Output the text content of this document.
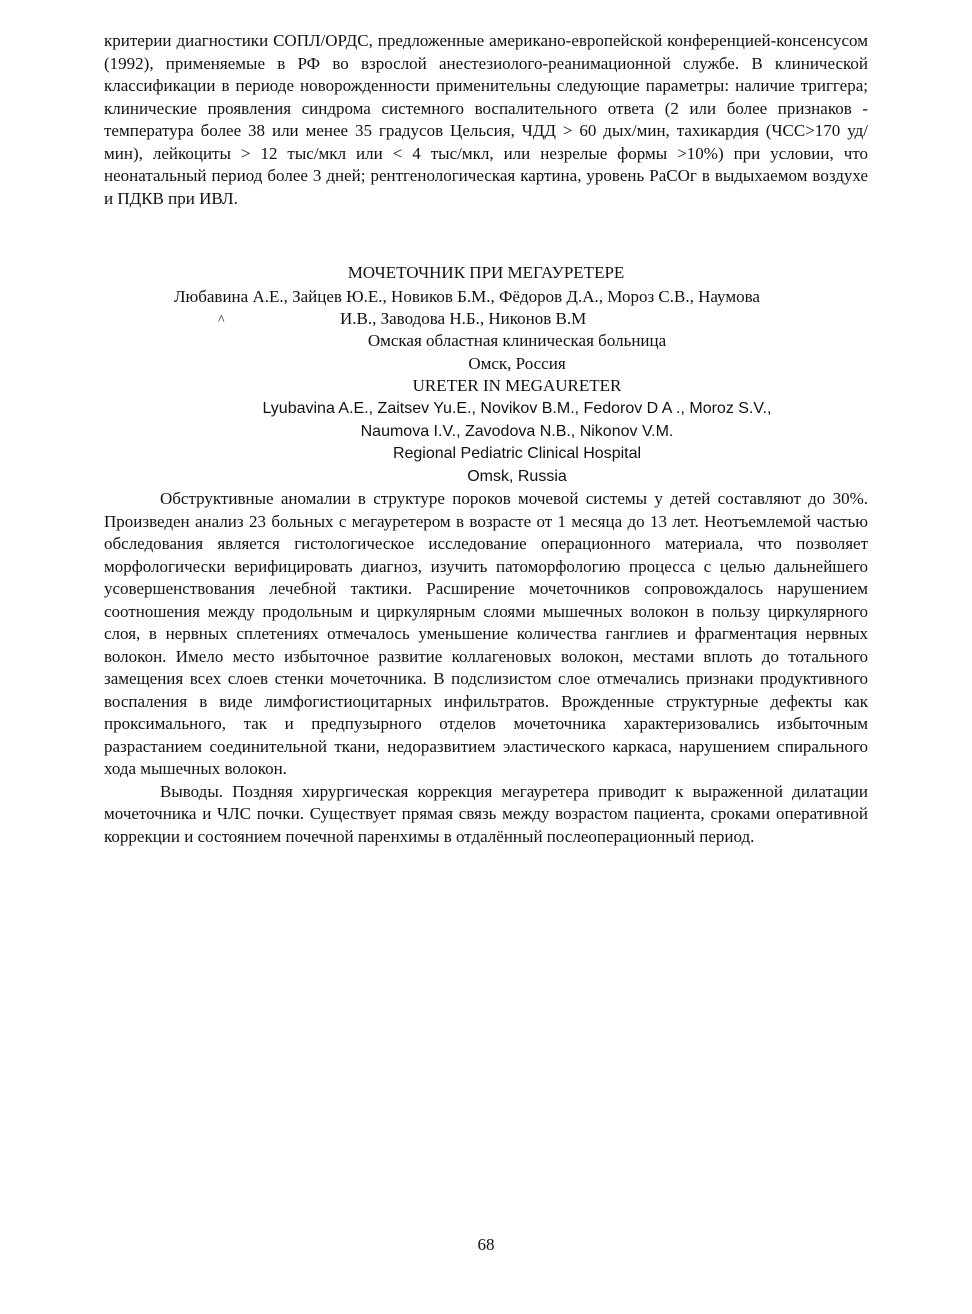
критерии диагностики СОПЛ/ОРДС, предложенные американо-европейской конференцией-консенсусом (1992), применяемые в РФ во взрослой анестезиолого-реанимационной службе. В клинической классификации в периоде новорожденности применительны следующие параметры: наличие триггера; клинические проявления синдрома системного воспалительного ответа (2 или более признаков - температура более 38 или менее 35 градусов Цельсия, ЧДД > 60 дых/мин, тахикардия (ЧСС>170 уд/мин), лейкоциты > 12 тыс/мкл или < 4 тыс/мкл, или незрелые формы >10%) при условии, что неонатальный период более 3 дней; рентгенологическая картина, уровень PaCOг в выдыхаемом воздухе и ПДКВ при ИВЛ.

МОЧЕТОЧНИК ПРИ МЕГАУРЕТЕРЕ
Любавина А.Е., Зайцев Ю.Е., Новиков Б.М., Фёдоров Д.А., Мороз С.В., Наумова
^	И.В., Заводова Н.Б., Никонов В.М
Омская областная клиническая больница
Омск, Россия
URETER IN MEGAURETER
Lyubavina A.E., Zaitsev Yu.E., Novikov B.M., Fedorov D A ., Moroz S.V.,
Naumova I.V., Zavodova N.B., Nikonov V.M.
Regional Pediatric Clinical Hospital
Omsk, Russia

Обструктивные аномалии в структуре пороков мочевой системы у детей составляют до 30%. Произведен анализ 23 больных с мегауретером в возрасте от 1 месяца до 13 лет. Неотъемлемой частью обследования является гистологическое исследование операционного материала, что позволяет морфологически верифицировать диагноз, изучить патоморфологию процесса с целью дальнейшего усовершенствования лечебной тактики. Расширение мочеточников сопровождалось нарушением соотношения между продольным и циркулярным слоями мышечных волокон в пользу циркулярного слоя, в нервных сплетениях отмечалось уменьшение количества ганглиев и фрагментация нервных волокон. Имело место избыточное развитие коллагеновых волокон, местами вплоть до тотального замещения всех слоев стенки мочеточника. В подслизистом слое отмечались признаки продуктивного воспаления в виде лимфогистиоцитарных инфильтратов. Врожденные структурные дефекты как проксимального, так и предпузырного отделов мочеточника характеризовались избыточным разрастанием соединительной ткани, недоразвитием эластического каркаса, нарушением спирального хода мышечных волокон.

Выводы. Поздняя хирургическая коррекция мегауретера приводит к выраженной дилатации мочеточника и ЧЛС почки. Существует прямая связь между возрастом пациента, сроками оперативной коррекции и состоянием почечной паренхимы в отдалённый послеоперационный период.

68
